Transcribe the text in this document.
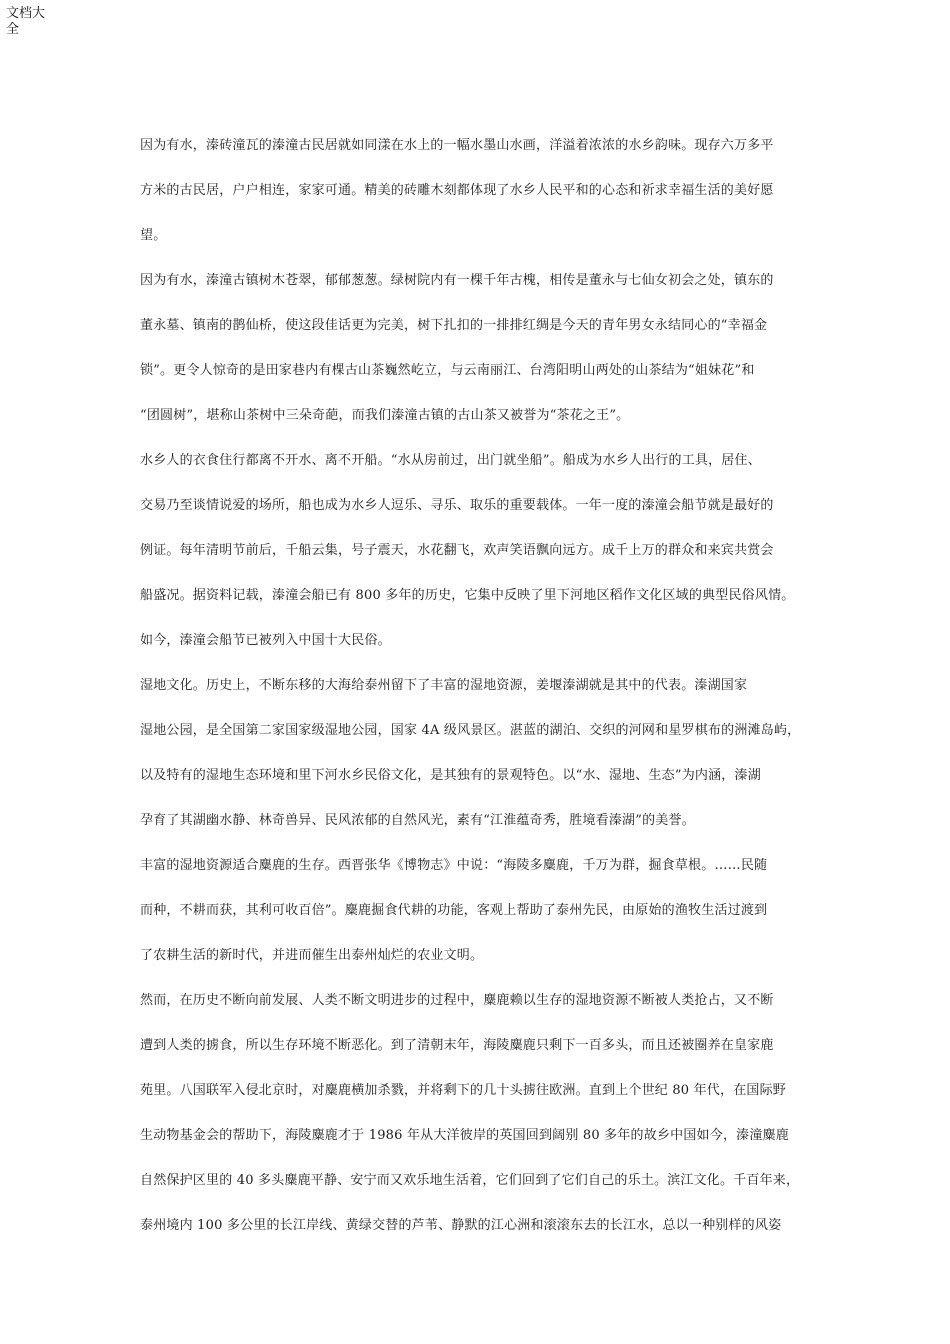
文档大全
因为有水，溱砖潼瓦的溱潼古民居就如同漾在水上的一幅水墨山水画，洋溢着浓浓的水乡韵味。现存六万多平
方米的古民居，户户相连，家家可通。精美的砖雕木刻都体现了水乡人民平和的心态和祈求幸福生活的美好愿
望。
因为有水，溱潼古镇树木苍翠，郁郁葱葱。绿树院内有一棵千年古槐，相传是董永与七仙女初会之处，镇东的
董永墓、镇南的鹊仙桥，使这段佳话更为完美，树下扎扣的一排排红绸是今天的青年男女永结同心的“幸福金
锁”。更令人惊奇的是田家巷内有棵古山茶巍然屹立，与云南丽江、台湾阳明山两处的山茶结为“姐妹花”和
“团圆树”，堪称山茶树中三朵奇葩，而我们溱潼古镇的古山茶又被誉为“茶花之王”。
水乡人的衣食住行都离不开水、离不开船。“水从房前过，出门就坐船”。船成为水乡人出行的工具，居住、
交易乃至谈情说爱的场所，船也成为水乡人逗乐、寻乐、取乐的重要载体。一年一度的溱潼会船节就是最好的
例证。每年清明节前后，千船云集，号子震天，水花翻飞，欢声笑语飘向远方。成千上万的群众和来宾共赏会
船盛况。据资料记载，溱潼会船已有 800 多年的历史，它集中反映了里下河地区稻作文化区域的典型民俗风情。
如今，溱潼会船节已被列入中国十大民俗。
湿地文化。历史上，不断东移的大海给泰州留下了丰富的湿地资源，姜堰溱湖就是其中的代表。溱湖国家
湿地公园，是全国第二家国家级湿地公园，国家 4A 级风景区。湛蓝的湖泊、交织的河网和星罗棋布的洲滩岛屿，
以及特有的湿地生态环境和里下河水乡民俗文化，是其独有的景观特色。以“水、湿地、生态”为内涵，溱湖
孕育了其湖幽水静、林奇兽异、民风浓郁的自然风光，素有“江淮蕴奇秀，胜境看溱湖”的美誉。
丰富的湿地资源适合麋鹿的生存。西晋张华《博物志》中说：“海陵多麋鹿，千万为群，掘食草根。……民随
而种，不耕而获，其利可收百倍”。麋鹿掘食代耕的功能，客观上帮助了泰州先民，由原始的渔牧生活过渡到
了农耕生活的新时代，并进而催生出泰州灿烂的农业文明。
然而，在历史不断向前发展、人类不断文明进步的过程中，麋鹿赖以生存的湿地资源不断被人类抢占，又不断
遭到人类的掳食，所以生存环境不断恶化。到了清朝末年，海陵麋鹿只剩下一百多头，而且还被圈养在皇家鹿
苑里。八国联军入侵北京时，对麋鹿横加杀戮，并将剩下的几十头掳往欧洲。直到上个世纪 80 年代，在国际野
生动物基金会的帮助下，海陵麋鹿才于 1986 年从大洋彼岸的英国回到阔别 80 多年的故乡中国如今，溱潼麋鹿
自然保护区里的 40 多头麋鹿平静、安宁而又欢乐地生活着，它们回到了它们自己的乐土。滨江文化。千百年来，
泰州境内 100 多公里的长江岸线、黄绿交替的芦苇、静默的江心洲和滚滚东去的长江水，总以一种别样的风姿
